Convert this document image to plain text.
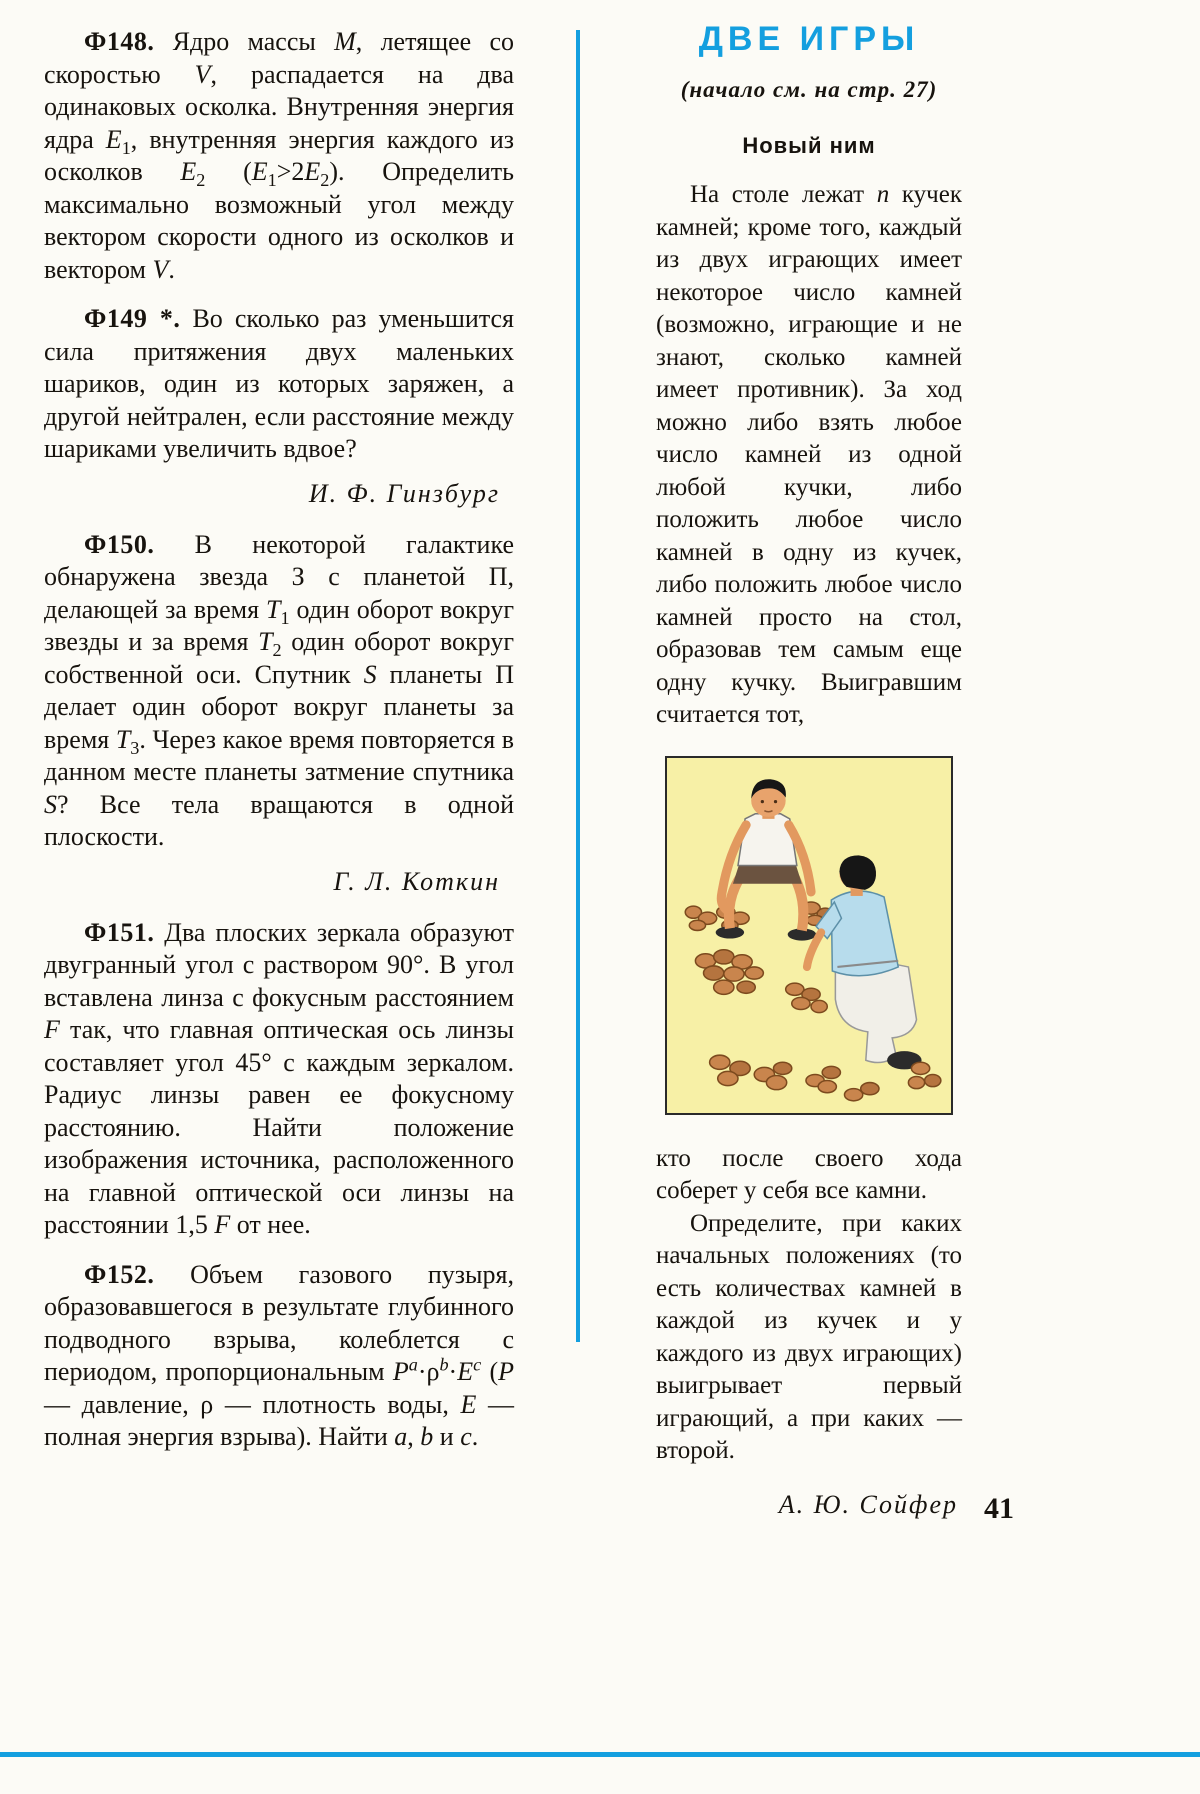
Ф148. Ядро массы M, летящее со скоростью V, распадается на два одинаковых осколка. Внутренняя энергия ядра $E_1$, внутренняя энергия каждого из осколков $E_2$ $(E_1>2E_2)$. Определить максимально возможный угол между вектором скорости одного из осколков и вектором V.

Ф149 *. Во сколько раз уменьшится сила притяжения двух маленьких шариков, один из которых заряжен, а другой нейтрален, если расстояние между шариками увеличить вдвое?

И. Ф. Гинзбург

Ф150. В некоторой галактике обнаружена звезда З с планетой П, делающей за время $T_1$ один оборот вокруг звезды и за время $T_2$ один оборот вокруг собственной оси. Спутник S планеты П делает один оборот вокруг планеты за время $T_3$. Через какое время повторяется в данном месте планеты затмение спутника S? Все тела вращаются в одной плоскости.

Г. Л. Коткин

Ф151. Два плоских зеркала образуют двугранный угол с раствором 90°. В угол вставлена линза с фокусным расстоянием F так, что главная оптическая ось линзы составляет угол 45° с каждым зеркалом. Радиус линзы равен ее фокусному расстоянию. Найти положение изображения источника, расположенного на главной оптической оси линзы на расстоянии 1,5 F от нее.

Ф152. Объем газового пузыря, образовавшегося в результате глубинного подводного взрыва, колеблется с периодом, пропорциональным $P^a\cdot\rho^b\cdot E^c$ (P — давление, ρ — плотность воды, E — полная энергия взрыва). Найти a, b и c.

ДВЕ ИГРЫ

(начало см. на стр. 27)

Новый ним

На столе лежат n кучек камней; кроме того, каждый из двух играющих имеет некоторое число камней (возможно, играющие и не знают, сколько камней имеет противник). За ход можно либо взять любое число камней из одной любой кучки, либо положить любое число камней в одну из кучек, либо положить любое число камней просто на стол, образовав тем самым еще одну кучку. Выигравшим считается тот,

кто после своего хода соберет у себя все камни.

Определите, при каких начальных положениях (то есть количествах камней в каждой из кучек и у каждого из двух играющих) выигрывает первый играющий, а при каких — второй.

А. Ю. Сойфер 41
